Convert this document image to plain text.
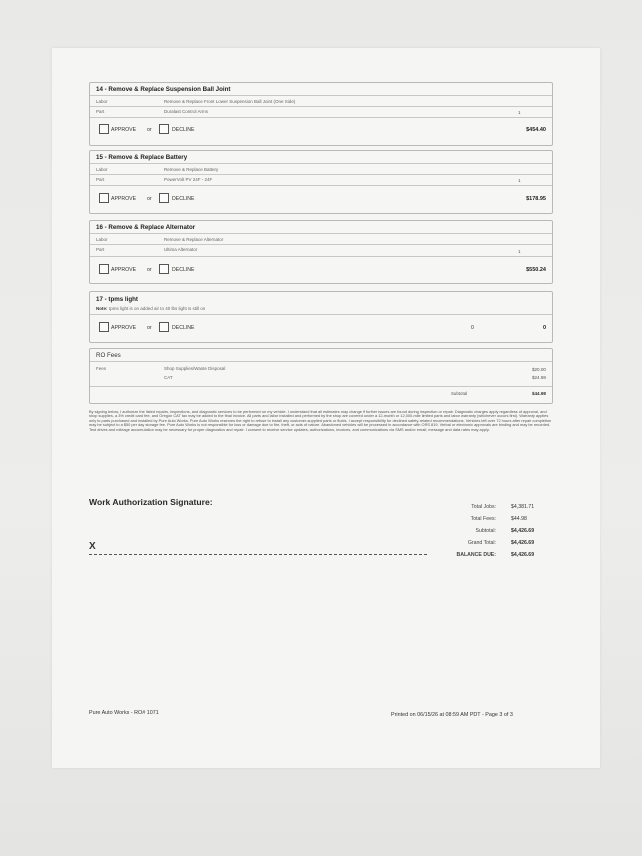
14 - Remove & Replace Suspension Ball Joint
Labor	Remove & Replace Front Lower Suspension Ball Joint (One Side)
Part	Duralast Control Arms	1
APPROVE or	DECLINE	$454.40
15 - Remove & Replace Battery
Labor	Remove & Replace Battery
Part	PowerVolt PV 24F - 24F	1
APPROVE or	DECLINE	$178.95
16 - Remove & Replace Alternator
Labor	Remove & Replace Alternator
Part	Ultima Alternator	1
APPROVE or	DECLINE	$550.24
17 - tpms light
Note: tpms light is on added air to 40 lbs light is still on
APPROVE or	DECLINE	0	0
RO Fees
Fees	Shop Supplies/Waste Disposal	$20.00
CAT	$24.98
Subtotal	$44.98
By signing below, I authorize the listed repairs, inspections, and diagnostic services to be performed on my vehicle. I understand that all estimates may change if further issues are found during inspection or repair. Diagnostic charges apply regardless of approval, and shop supplies, a 3% credit card fee, and Oregon CAT tax may be added to the final invoice. All parts and labor installed and performed by the shop are covered under a 12-month or 12,000-mile limited parts and labor warranty (whichever occurs first). Warranty applies only to parts purchased and installed by Pure Auto Works. Pure Auto Works reserves the right to refuse to install any customer-supplied parts or fluids. I accept responsibility for declined safety-related recommendations. Vehicles left over 72 hours after repair completion may be subject to a $50 per day storage fee. Pure Auto Works is not responsible for loss or damage due to fire, theft, or acts of nature. Abandoned vehicles will be processed in accordance with ORS 819. Verbal or electronic approvals are binding and may be recorded. Test drives and mileage accumulation may be necessary for proper diagnostics and repair. I consent to receive service updates, authorizations, invoices, and communications via SMS and/or email; message and data rates may apply.
Work Authorization Signature:
X
Total Jobs:	$4,381.71
Total Fees:	$44.98
Subtotal:	$4,426.69
Grand Total:	$4,426.69
BALANCE DUE:	$4,426.69
Pure Auto Works - RO# 1071	Printed on 06/15/26 at 08:59 AM PDT - Page 3 of 3
